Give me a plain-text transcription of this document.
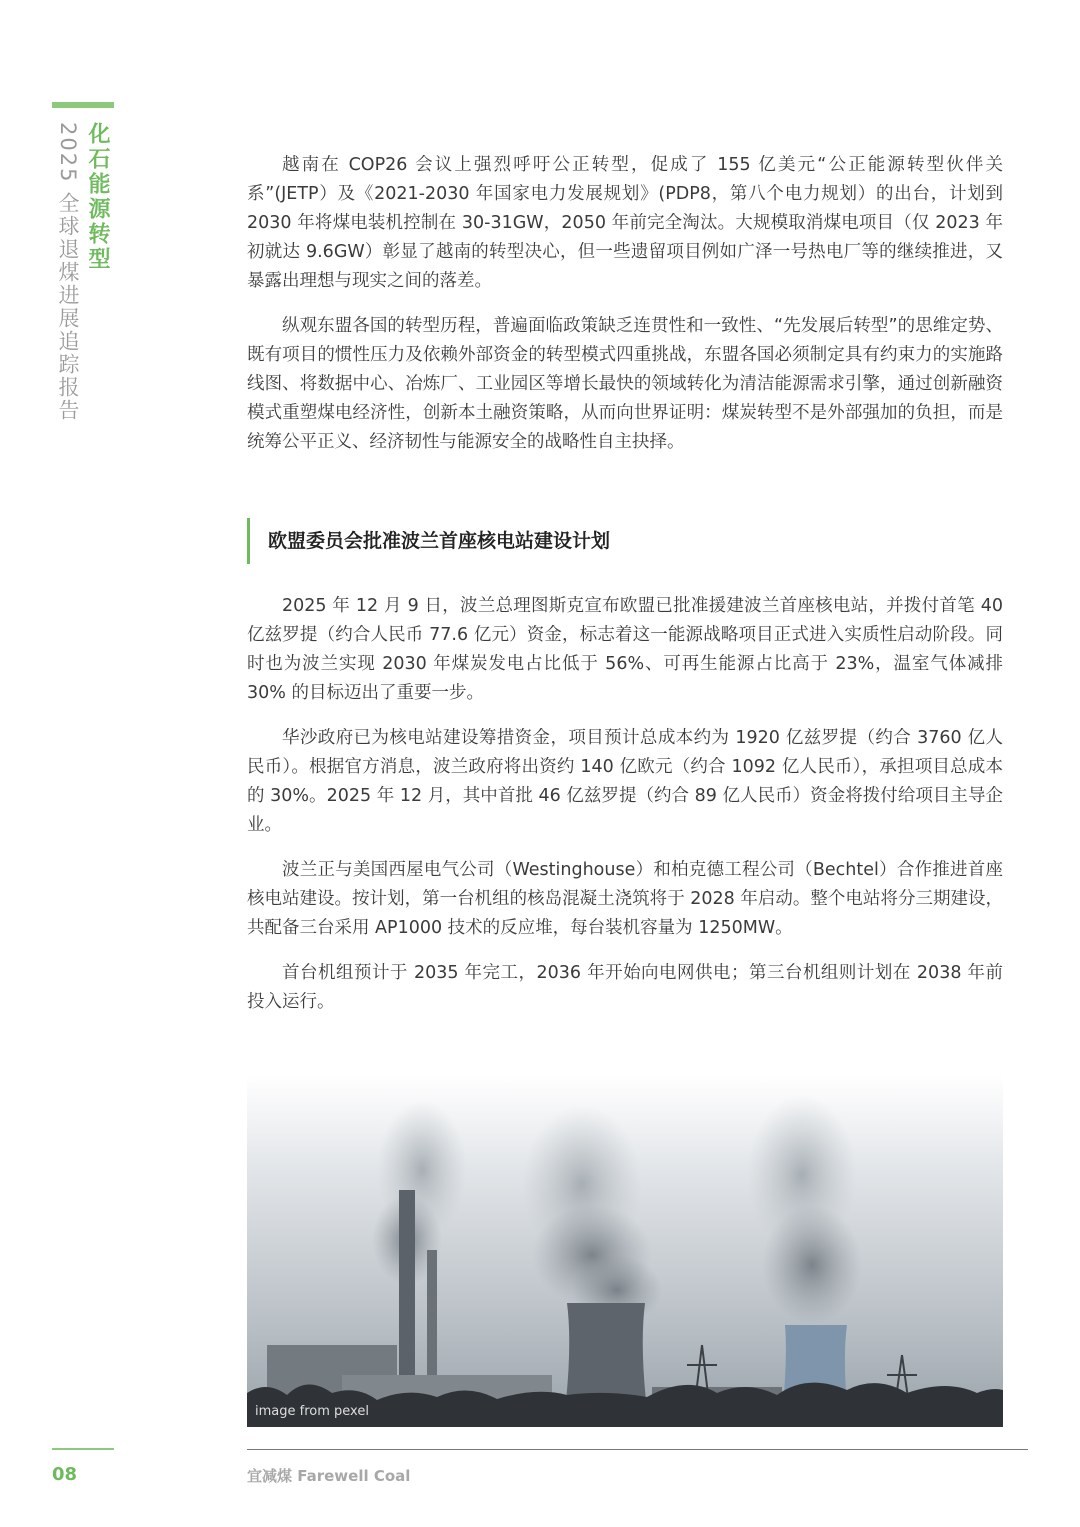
化石能源转型
2025 全球退煤进展追踪报告	越南在 COP26 会议上强烈呼吁公正转型，促成了 155 亿美元“公正能源转型伙伴关系”(JETP）及《2021-2030 年国家电力发展规划》(PDP8，第八个电力规划）的出台，计划到 2030 年将煤电装机控制在 30-31GW，2050 年前完全淘汰。大规模取消煤电项目（仅 2023 年初就达 9.6GW）彰显了越南的转型决心，但一些遗留项目例如广泽一号热电厂等的继续推进，又暴露出理想与现实之间的落差。

纵观东盟各国的转型历程，普遍面临政策缺乏连贯性和一致性、“先发展后转型”的思维定势、既有项目的惯性压力及依赖外部资金的转型模式四重挑战，东盟各国必须制定具有约束力的实施路线图、将数据中心、冶炼厂、工业园区等增长最快的领域转化为清洁能源需求引擎，通过创新融资模式重塑煤电经济性，创新本土融资策略，从而向世界证明：煤炭转型不是外部强加的负担，而是统筹公平正义、经济韧性与能源安全的战略性自主抉择。

欧盟委员会批准波兰首座核电站建设计划

2025 年 12 月 9 日，波兰总理图斯克宣布欧盟已批准援建波兰首座核电站，并拨付首笔 40 亿兹罗提（约合人民币 77.6 亿元）资金，标志着这一能源战略项目正式进入实质性启动阶段。同时也为波兰实现 2030 年煤炭发电占比低于 56%、可再生能源占比高于 23%，温室气体减排 30% 的目标迈出了重要一步。

华沙政府已为核电站建设筹措资金，项目预计总成本约为 1920 亿兹罗提（约合 3760 亿人民币）。根据官方消息，波兰政府将出资约 140 亿欧元（约合 1092 亿人民币），承担项目总成本的 30%。2025 年 12 月，其中首批 46 亿兹罗提（约合 89 亿人民币）资金将拨付给项目主导企业。

波兰正与美国西屋电气公司（Westinghouse）和柏克德工程公司（Bechtel）合作推进首座核电站建设。按计划，第一台机组的核岛混凝土浇筑将于 2028 年启动。整个电站将分三期建设，共配备三台采用 AP1000 技术的反应堆，每台装机容量为 1250MW。

首台机组预计于 2035 年完工，2036 年开始向电网供电；第三台机组则计划在 2038 年前投入运行。

image from pexel
08	宜减煤 Farewell Coal
